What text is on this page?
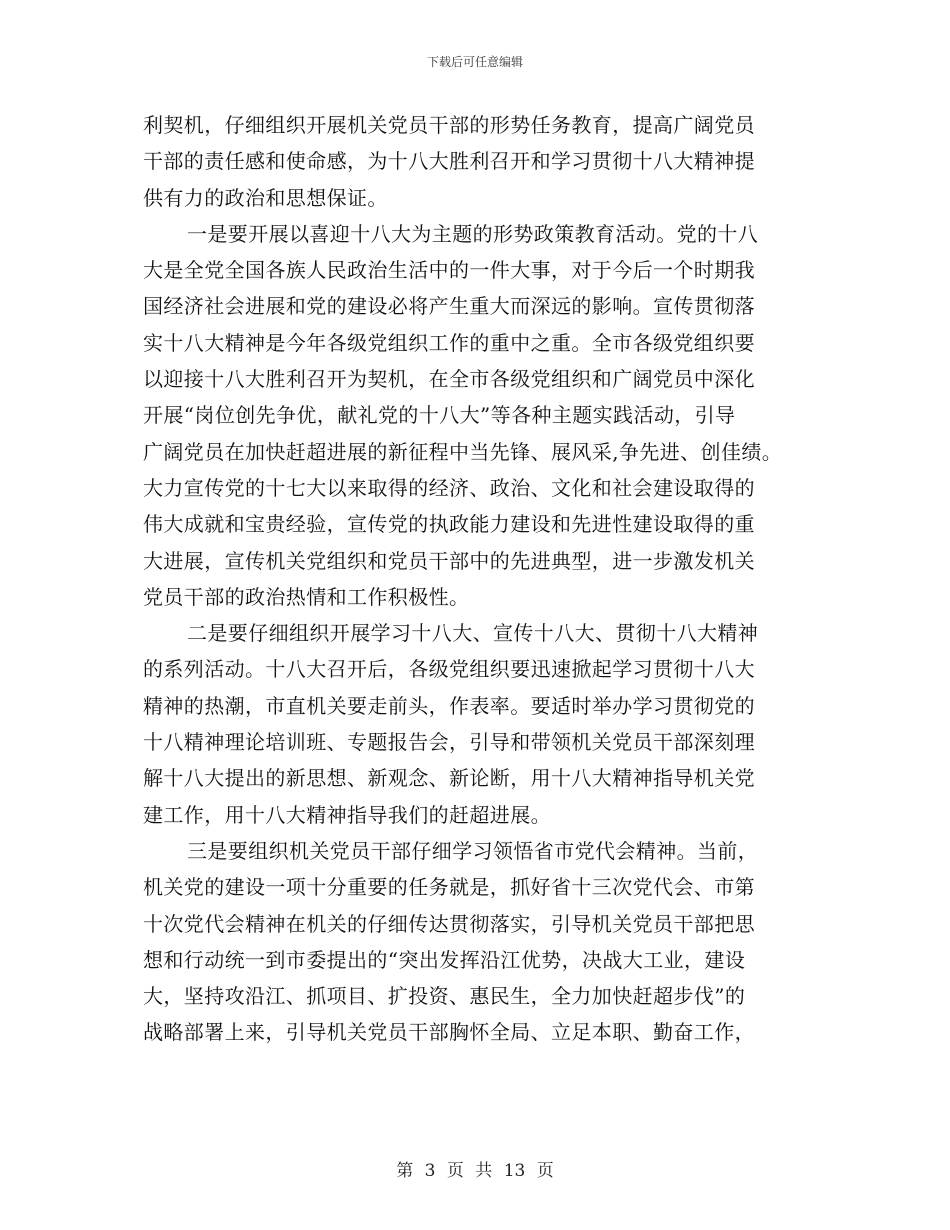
下载后可任意编辑
利契机，仔细组织开展机关党员干部的形势任务教育，提高广阔党员
干部的责任感和使命感，为十八大胜利召开和学习贯彻十八大精神提
供有力的政治和思想保证。
一是要开展以喜迎十八大为主题的形势政策教育活动。党的十八
大是全党全国各族人民政治生活中的一件大事，对于今后一个时期我
国经济社会进展和党的建设必将产生重大而深远的影响。宣传贯彻落
实十八大精神是今年各级党组织工作的重中之重。全市各级党组织要
以迎接十八大胜利召开为契机，在全市各级党组织和广阔党员中深化
开展“岗位创先争优，献礼党的十八大”等各种主题实践活动，引导
广阔党员在加快赶超进展的新征程中当先锋、展风采,争先进、创佳绩。
大力宣传党的十七大以来取得的经济、政治、文化和社会建设取得的
伟大成就和宝贵经验，宣传党的执政能力建设和先进性建设取得的重
大进展，宣传机关党组织和党员干部中的先进典型，进一步激发机关
党员干部的政治热情和工作积极性。
二是要仔细组织开展学习十八大、宣传十八大、贯彻十八大精神
的系列活动。十八大召开后，各级党组织要迅速掀起学习贯彻十八大
精神的热潮，市直机关要走前头，作表率。要适时举办学习贯彻党的
十八精神理论培训班、专题报告会，引导和带领机关党员干部深刻理
解十八大提出的新思想、新观念、新论断，用十八大精神指导机关党
建工作，用十八大精神指导我们的赶超进展。
三是要组织机关党员干部仔细学习领悟省市党代会精神。当前，
机关党的建设一项十分重要的任务就是，抓好省十三次党代会、市第
十次党代会精神在机关的仔细传达贯彻落实，引导机关党员干部把思
想和行动统一到市委提出的“突出发挥沿江优势，决战大工业，建设
大，坚持攻沿江、抓项目、扩投资、惠民生，全力加快赶超步伐”的
战略部署上来，引导机关党员干部胸怀全局、立足本职、勤奋工作，
第 3 页 共 13 页
